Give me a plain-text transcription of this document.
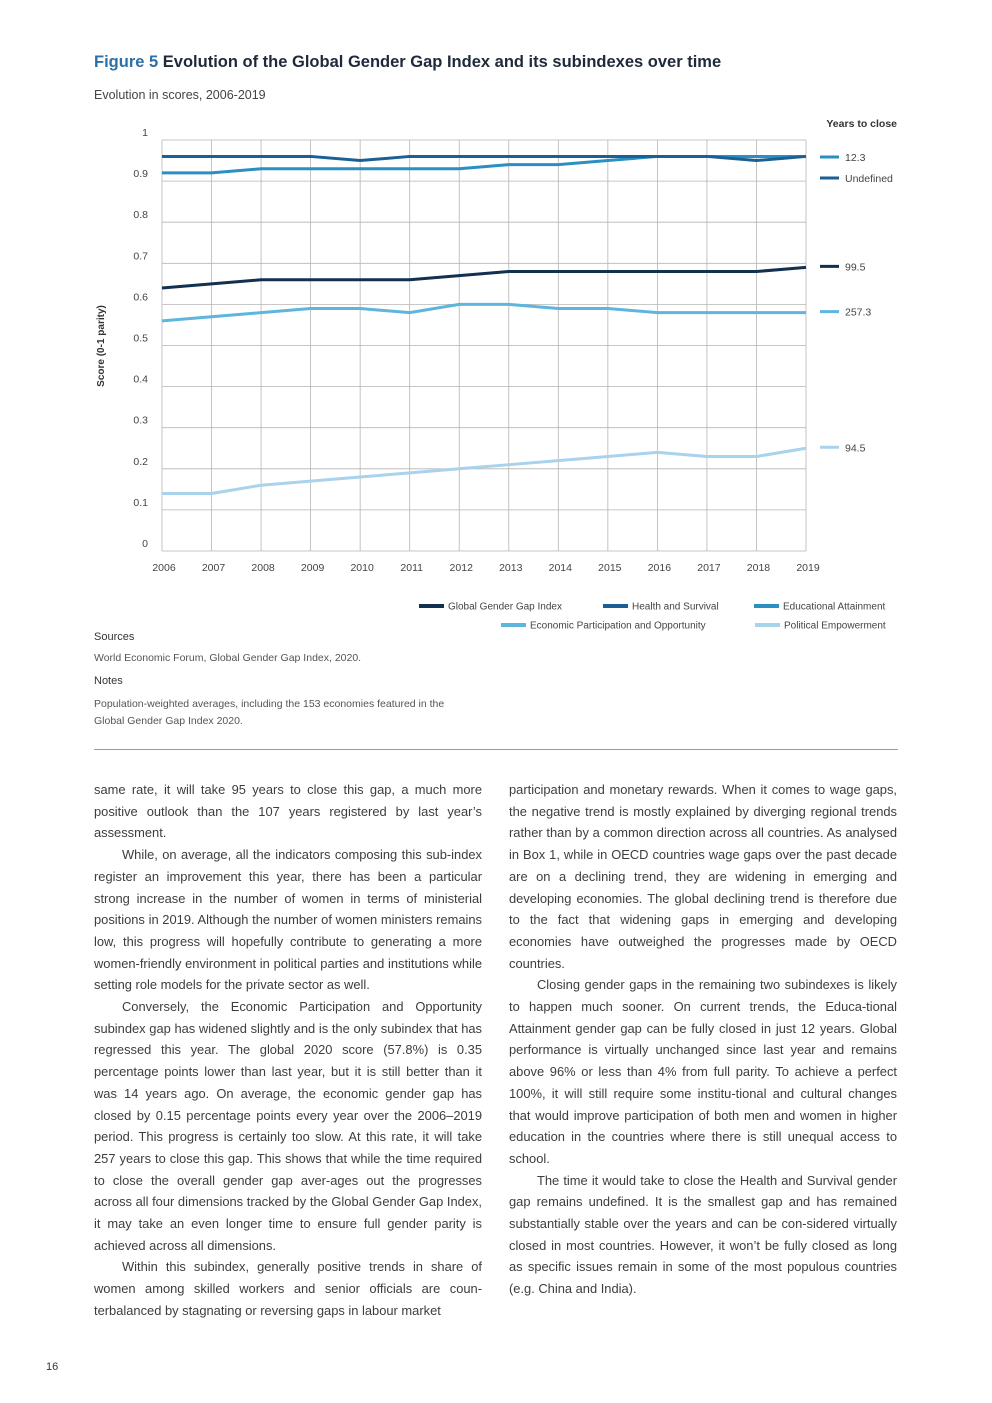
Figure 5 Evolution of the Global Gender Gap Index and its subindexes over time
Evolution in scores, 2006-2019
0
0.1
0.2
0.3
0.4
0.5
0.6
0.7
0.8
0.9
1
2006 2007 2008 2009 2010	2011	2012 2013 2014 2015 2016 2017 2018 2019
Score (0-1 parity)
Years to close
12.3
Undefined
99.5
257.3
94.5
Global Gender Gap Index	Health and Survival	Educational Attainment
Economic Participation and Opportunity	Political Empowerment
Sources
World Economic Forum, Global Gender Gap Index, 2020.
Notes
Population-weighted averages, including the 153 economies featured in the Global Gender Gap Index 2020.

same rate, it will take 95 years to close this gap, a much more positive outlook than the 107 years registered by last year’s assessment.

While, on average, all the indicators composing this sub-index register an improvement this year, there has been a particular strong increase in the number of women in terms of ministerial positions in 2019. Although the number of women ministers remains low, this progress will hopefully contribute to generating a more women-friendly environment in political parties and institutions while setting role models for the private sector as well.

Conversely, the Economic Participation and Opportunity subindex gap has widened slightly and is the only subindex that has regressed this year. The global 2020 score (57.8%) is 0.35 percentage points lower than last year, but it is still better than it was 14 years ago. On average, the economic gender gap has closed by 0.15 percentage points every year over the 2006–2019 period. This progress is certainly too slow. At this rate, it will take 257 years to close this gap. This shows that while the time required to close the overall gender gap aver-ages out the progresses across all four dimensions tracked by the Global Gender Gap Index, it may take an even longer time to ensure full gender parity is achieved across all dimensions.

Within this subindex, generally positive trends in share of women among skilled workers and senior officials are coun-terbalanced by stagnating or reversing gaps in labour market

participation and monetary rewards. When it comes to wage gaps, the negative trend is mostly explained by diverging regional trends rather than by a common direction across all countries. As analysed in Box 1, while in OECD countries wage gaps over the past decade are on a declining trend, they are widening in emerging and developing economies. The global declining trend is therefore due to the fact that widening gaps in emerging and developing economies have outweighed the progresses made by OECD countries.

Closing gender gaps in the remaining two subindexes is likely to happen much sooner. On current trends, the Educa-tional Attainment gender gap can be fully closed in just 12 years. Global performance is virtually unchanged since last year and remains above 96% or less than 4% from full parity. To achieve a perfect 100%, it will still require some institu-tional and cultural changes that would improve participation of both men and women in higher education in the countries where there is still unequal access to school.

The time it would take to close the Health and Survival gender gap remains undefined. It is the smallest gap and has remained substantially stable over the years and can be con-sidered virtually closed in most countries. However, it won’t be fully closed as long as specific issues remain in some of the most populous countries (e.g. China and India).

16
